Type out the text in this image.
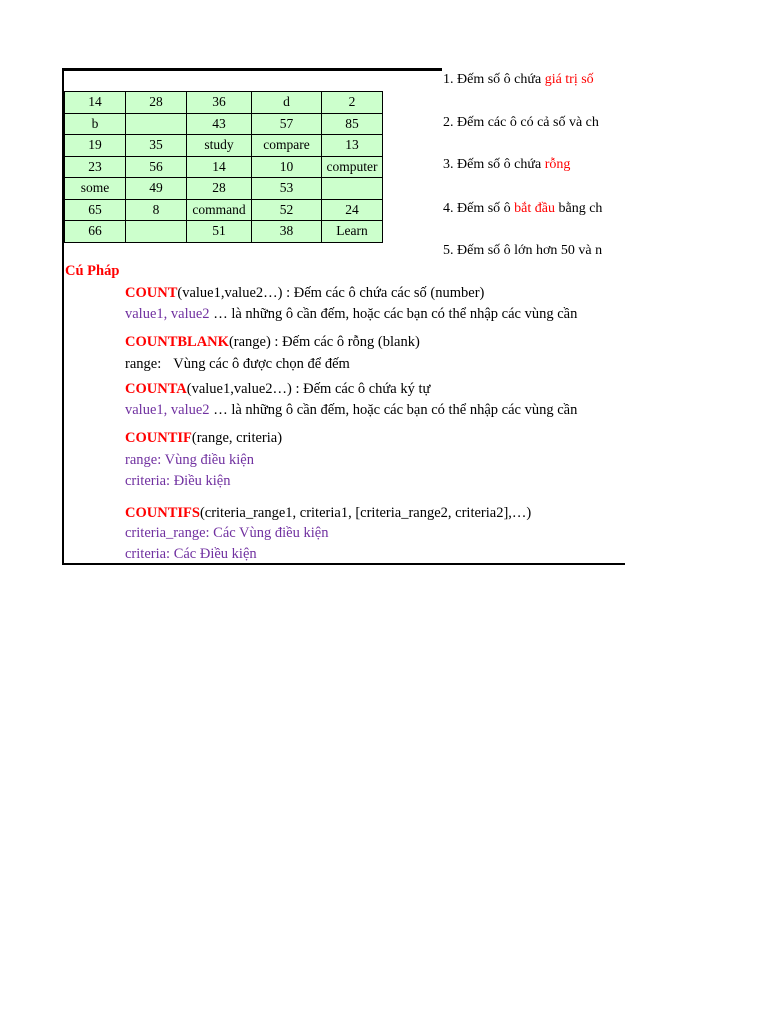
14	28	36	d	2
b		43	57	85
19	35	study	compare	13
23	56	14	10	computer
some	49	28	53	
65	8	command	52	24
66		51	38	Learn
1. Đếm số ô chứa giá trị số
2. Đếm các ô có cả số và ch
3. Đếm số ô chứa rỗng
4. Đếm số ô bắt đầu bằng ch
5. Đếm số ô lớn hơn 50 và n
Cú Pháp
COUNT(value1,value2…) : Đếm các ô chứa các số (number)
value1, value2 … là những ô cần đếm, hoặc các bạn có thể nhập các vùng cần
COUNTBLANK(range) : Đếm các ô rỗng (blank)
range: Vùng các ô được chọn để đếm
COUNTA(value1,value2…) : Đếm các ô chứa ký tự
value1, value2 … là những ô cần đếm, hoặc các bạn có thể nhập các vùng cần
COUNTIF(range, criteria)
range: Vùng điều kiện
criteria: Điều kiện
COUNTIFS(criteria_range1, criteria1, [criteria_range2, criteria2],…)
criteria_range: Các Vùng điều kiện
criteria: Các Điều kiện
